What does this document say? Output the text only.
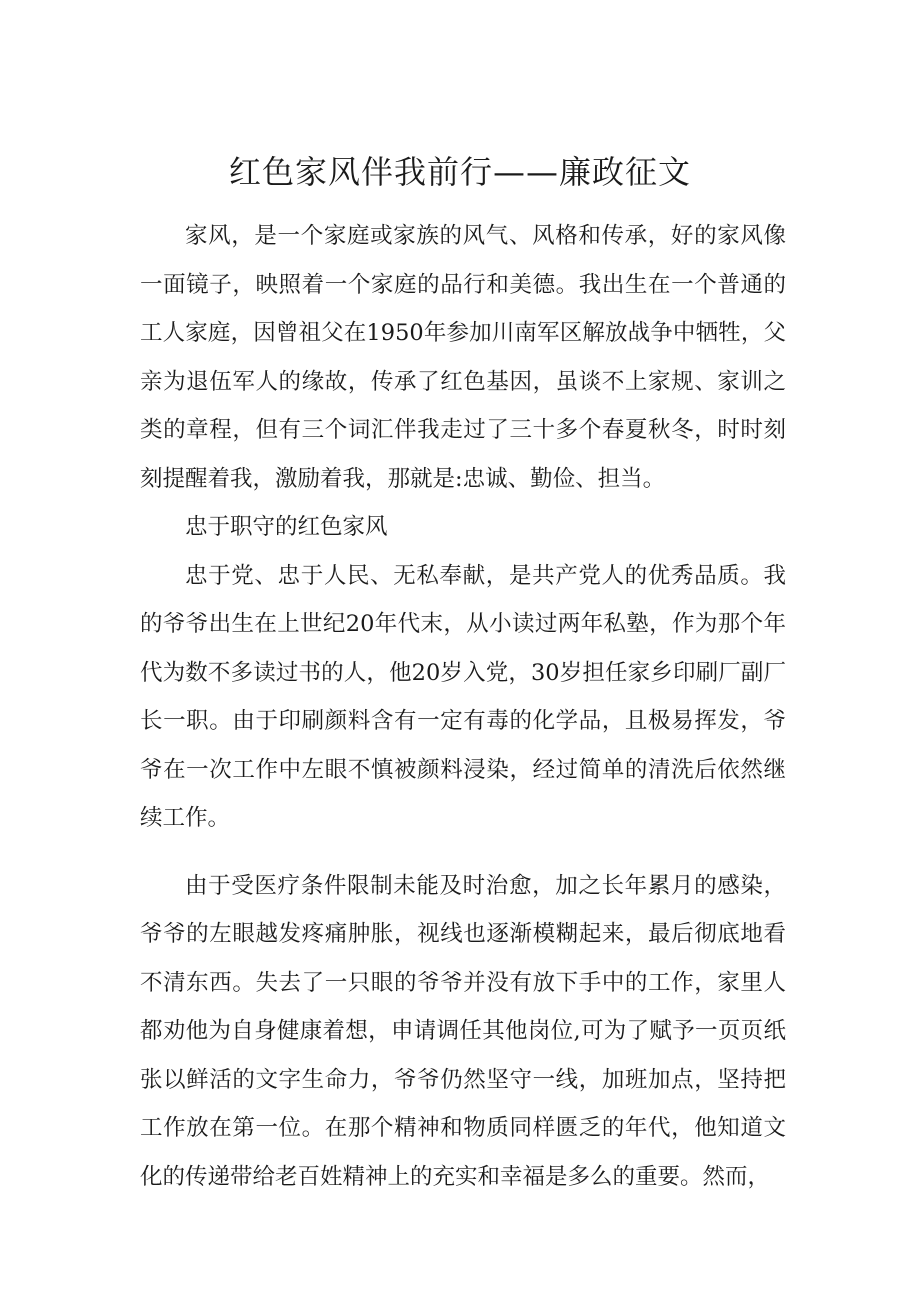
红色家风伴我前行——廉政征文

家风，是一个家庭或家族的风气、风格和传承，好的家风像一面镜子，映照着一个家庭的品行和美德。我出生在一个普通的工人家庭，因曾祖父在1950年参加川南军区解放战争中牺牲，父亲为退伍军人的缘故，传承了红色基因，虽谈不上家规、家训之类的章程，但有三个词汇伴我走过了三十多个春夏秋冬，时时刻刻提醒着我，激励着我，那就是:忠诚、勤俭、担当。

忠于职守的红色家风

忠于党、忠于人民、无私奉献，是共产党人的优秀品质。我的爷爷出生在上世纪20年代末，从小读过两年私塾，作为那个年代为数不多读过书的人，他20岁入党，30岁担任家乡印刷厂副厂长一职。由于印刷颜料含有一定有毒的化学品，且极易挥发，爷爷在一次工作中左眼不慎被颜料浸染，经过简单的清洗后依然继续工作。

由于受医疗条件限制未能及时治愈，加之长年累月的感染，爷爷的左眼越发疼痛肿胀，视线也逐渐模糊起来，最后彻底地看不清东西。失去了一只眼的爷爷并没有放下手中的工作，家里人都劝他为自身健康着想，申请调任其他岗位,可为了赋予一页页纸张以鲜活的文字生命力，爷爷仍然坚守一线，加班加点，坚持把工作放在第一位。在那个精神和物质同样匮乏的年代，他知道文化的传递带给老百姓精神上的充实和幸福是多么的重要。然而，
